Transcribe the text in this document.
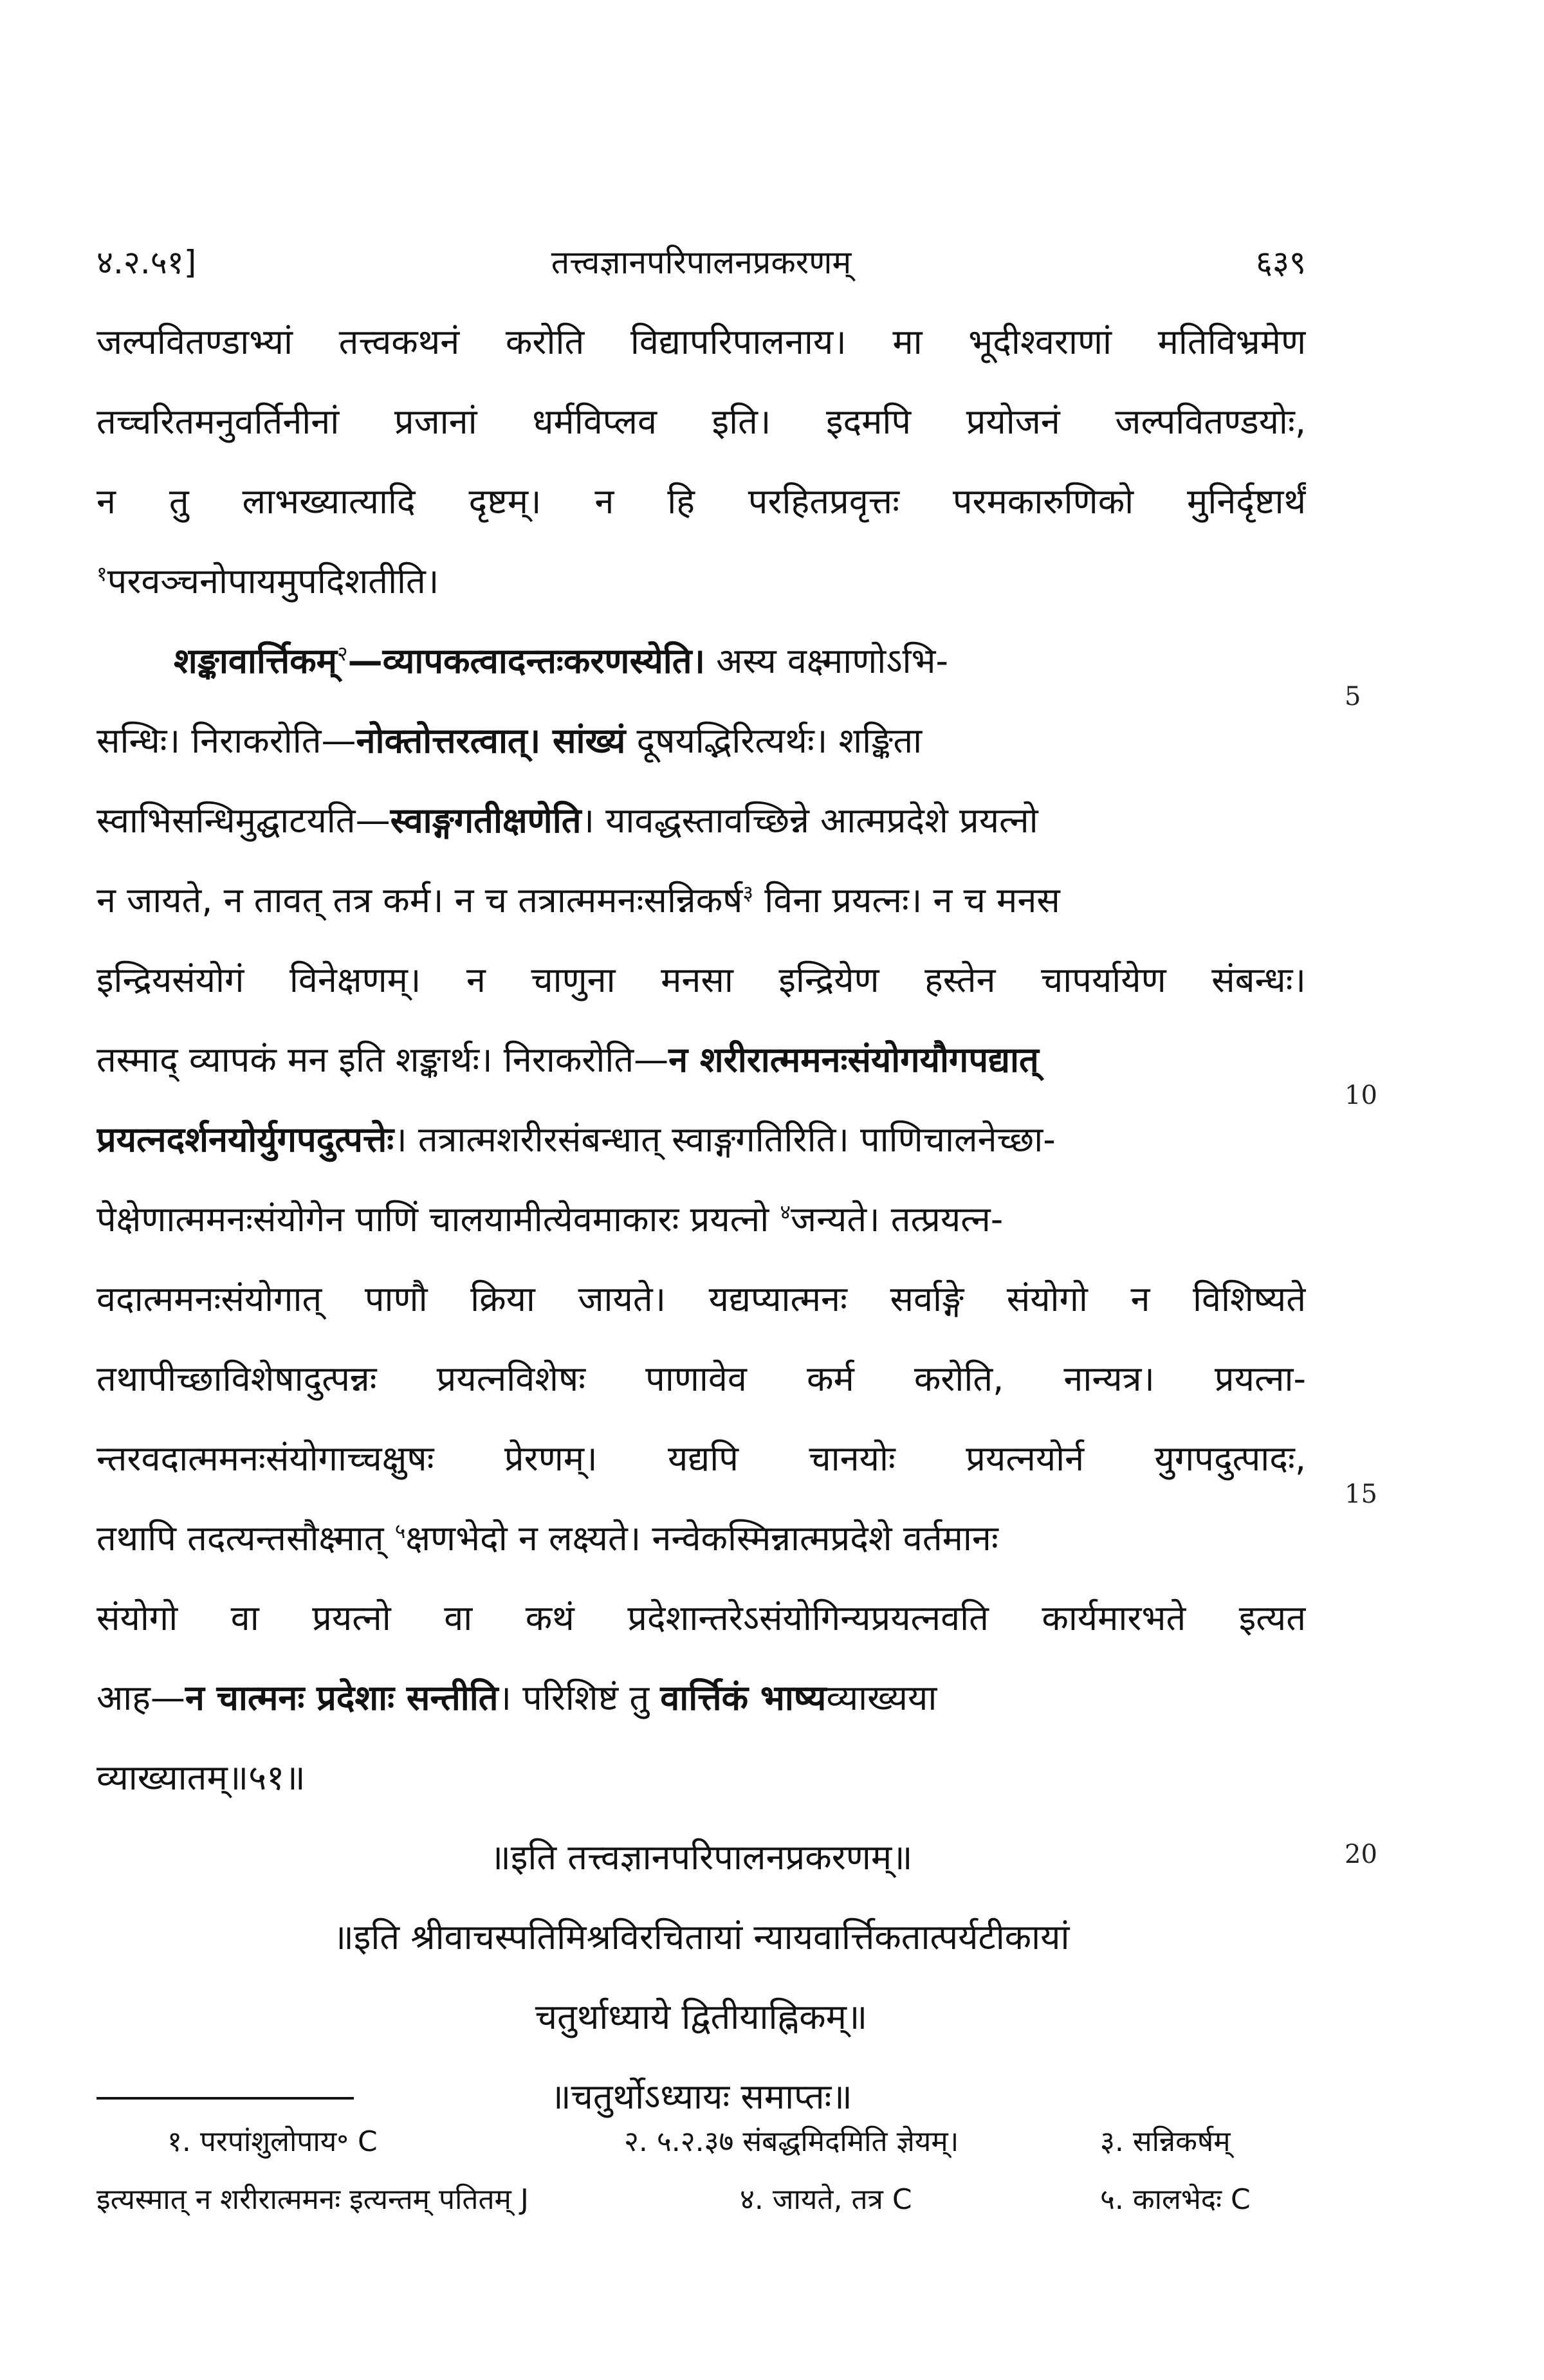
४.२.५१]	तत्त्वज्ञानपरिपालनप्रकरणम्	६३९
जल्पवितण्डाभ्यां तत्त्वकथनं करोति विद्यापरिपालनाय। मा भूदीश्वराणां मतिविभ्रमेण
तच्चरितमनुवर्तिनीनां प्रजानां धर्मविप्लव इति। इदमपि प्रयोजनं जल्पवितण्डयोः,
न तु लाभख्यात्यादि दृष्टम्। न हि परहितप्रवृत्तः परमकारुणिको मुनिर्दृष्टार्थं
$^१$परवञ्चनोपायमुपदिशतीति।
शङ्कावार्त्तिकम्$^२$—व्यापकत्वादन्तःकरणस्येति। अस्य वक्ष्माणोऽभि-
सन्धिः। निराकरोति—नोक्तोत्तरत्वात्। सांख्यं दूषयद्भिरित्यर्थः। शङ्किता
स्वाभिसन्धिमुद्घाटयति—स्वाङ्गगतीक्षणेति। यावद्धस्तावच्छिन्ने आत्मप्रदेशे प्रयत्नो
न जायते, न तावत् तत्र कर्म। न च तत्रात्ममनःसन्निकर्ष$^३$ विना प्रयत्नः। न च मनस
इन्द्रियसंयोगं विनेक्षणम्। न चाणुना मनसा इन्द्रियेण हस्तेन चापर्यायेण संबन्धः।
तस्माद् व्यापकं मन इति शङ्कार्थः। निराकरोति—न शरीरात्ममनःसंयोगयौगपद्यात्
प्रयत्नदर्शनयोर्युगपदुत्पत्तेः। तत्रात्मशरीरसंबन्धात् स्वाङ्गगतिरिति। पाणिचालनेच्छा-
पेक्षेणात्ममनःसंयोगेन पाणिं चालयामीत्येवमाकारः प्रयत्नो $^४$जन्यते। तत्प्रयत्न-
वदात्ममनःसंयोगात् पाणौ क्रिया जायते। यद्यप्यात्मनः सर्वाङ्गे संयोगो न विशिष्यते
तथापीच्छाविशेषादुत्पन्नः प्रयत्नविशेषः पाणावेव कर्म करोति, नान्यत्र। प्रयत्ना-
न्तरवदात्ममनःसंयोगाच्चक्षुषः प्रेरणम्। यद्यपि चानयोः प्रयत्नयोर्न युगपदुत्पादः,
तथापि तदत्यन्तसौक्ष्मात् $^५$क्षणभेदो न लक्ष्यते। नन्वेकस्मिन्नात्मप्रदेशे वर्तमानः
संयोगो वा प्रयत्नो वा कथं प्रदेशान्तरेऽसंयोगिन्यप्रयत्नवति कार्यमारभते इत्यत
आह—न चात्मनः प्रदेशाः सन्तीति। परिशिष्टं तु वार्त्तिकं भाष्यव्याख्यया
व्याख्यातम्॥५१॥
॥इति तत्त्वज्ञानपरिपालनप्रकरणम्॥
॥इति श्रीवाचस्पतिमिश्रविरचितायां न्यायवार्त्तिकतात्पर्यटीकायां
चतुर्थाध्याये द्वितीयाह्निकम्॥
॥चतुर्थोऽध्यायः समाप्तः॥
5
10
15
20
१. परपांशुलोपाय॰ C	२. ५.२.३७ संबद्धमिदमिति ज्ञेयम्।	३. सन्निकर्षम्
इत्यस्मात् न शरीरात्ममनः इत्यन्तम् पतितम् J	४. जायते, तत्र C	५. कालभेदः C
